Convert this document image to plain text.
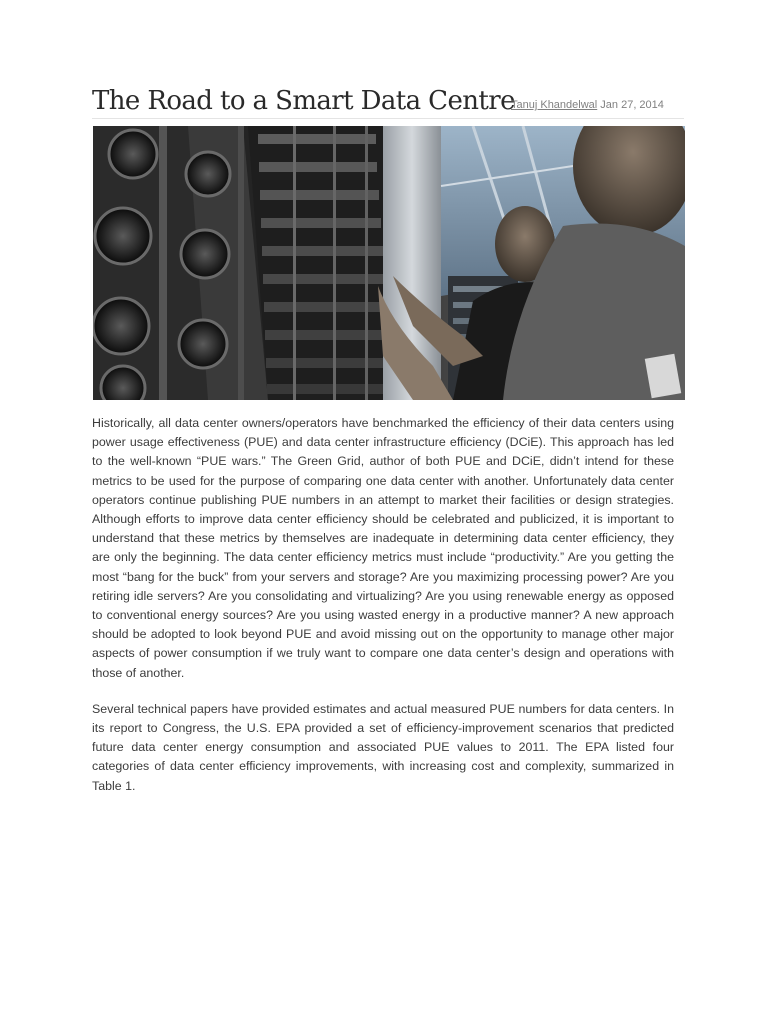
The Road to a Smart Data Centre
Tanuj Khandelwal Jan 27, 2014

Historically, all data center owners/operators have benchmarked the efficiency of their data centers using power usage effectiveness (PUE) and data center infrastructure efficiency (DCiE). This approach has led to the well-known “PUE wars.” The Green Grid, author of both PUE and DCiE, didn’t intend for these metrics to be used for the purpose of comparing one data center with another. Unfortunately data center operators continue publishing PUE numbers in an attempt to market their facilities or design strategies. Although efforts to improve data center efficiency should be celebrated and publicized, it is important to understand that these metrics by themselves are inadequate in determining data center efficiency, they are only the beginning. The data center efficiency metrics must include “productivity.” Are you getting the most “bang for the buck” from your servers and storage? Are you maximizing processing power? Are you retiring idle servers? Are you consolidating and virtualizing? Are you using renewable energy as opposed to conventional energy sources? Are you using wasted energy in a productive manner? A new approach should be adopted to look beyond PUE and avoid missing out on the opportunity to manage other major aspects of power consumption if we truly want to compare one data center’s design and operations with those of another.

Several technical papers have provided estimates and actual measured PUE numbers for data centers. In its report to Congress, the U.S. EPA provided a set of efficiency-improvement scenarios that predicted future data center energy consumption and associated PUE values to 2011. The EPA listed four categories of data center efficiency improvements, with increasing cost and complexity, summarized in Table 1.
